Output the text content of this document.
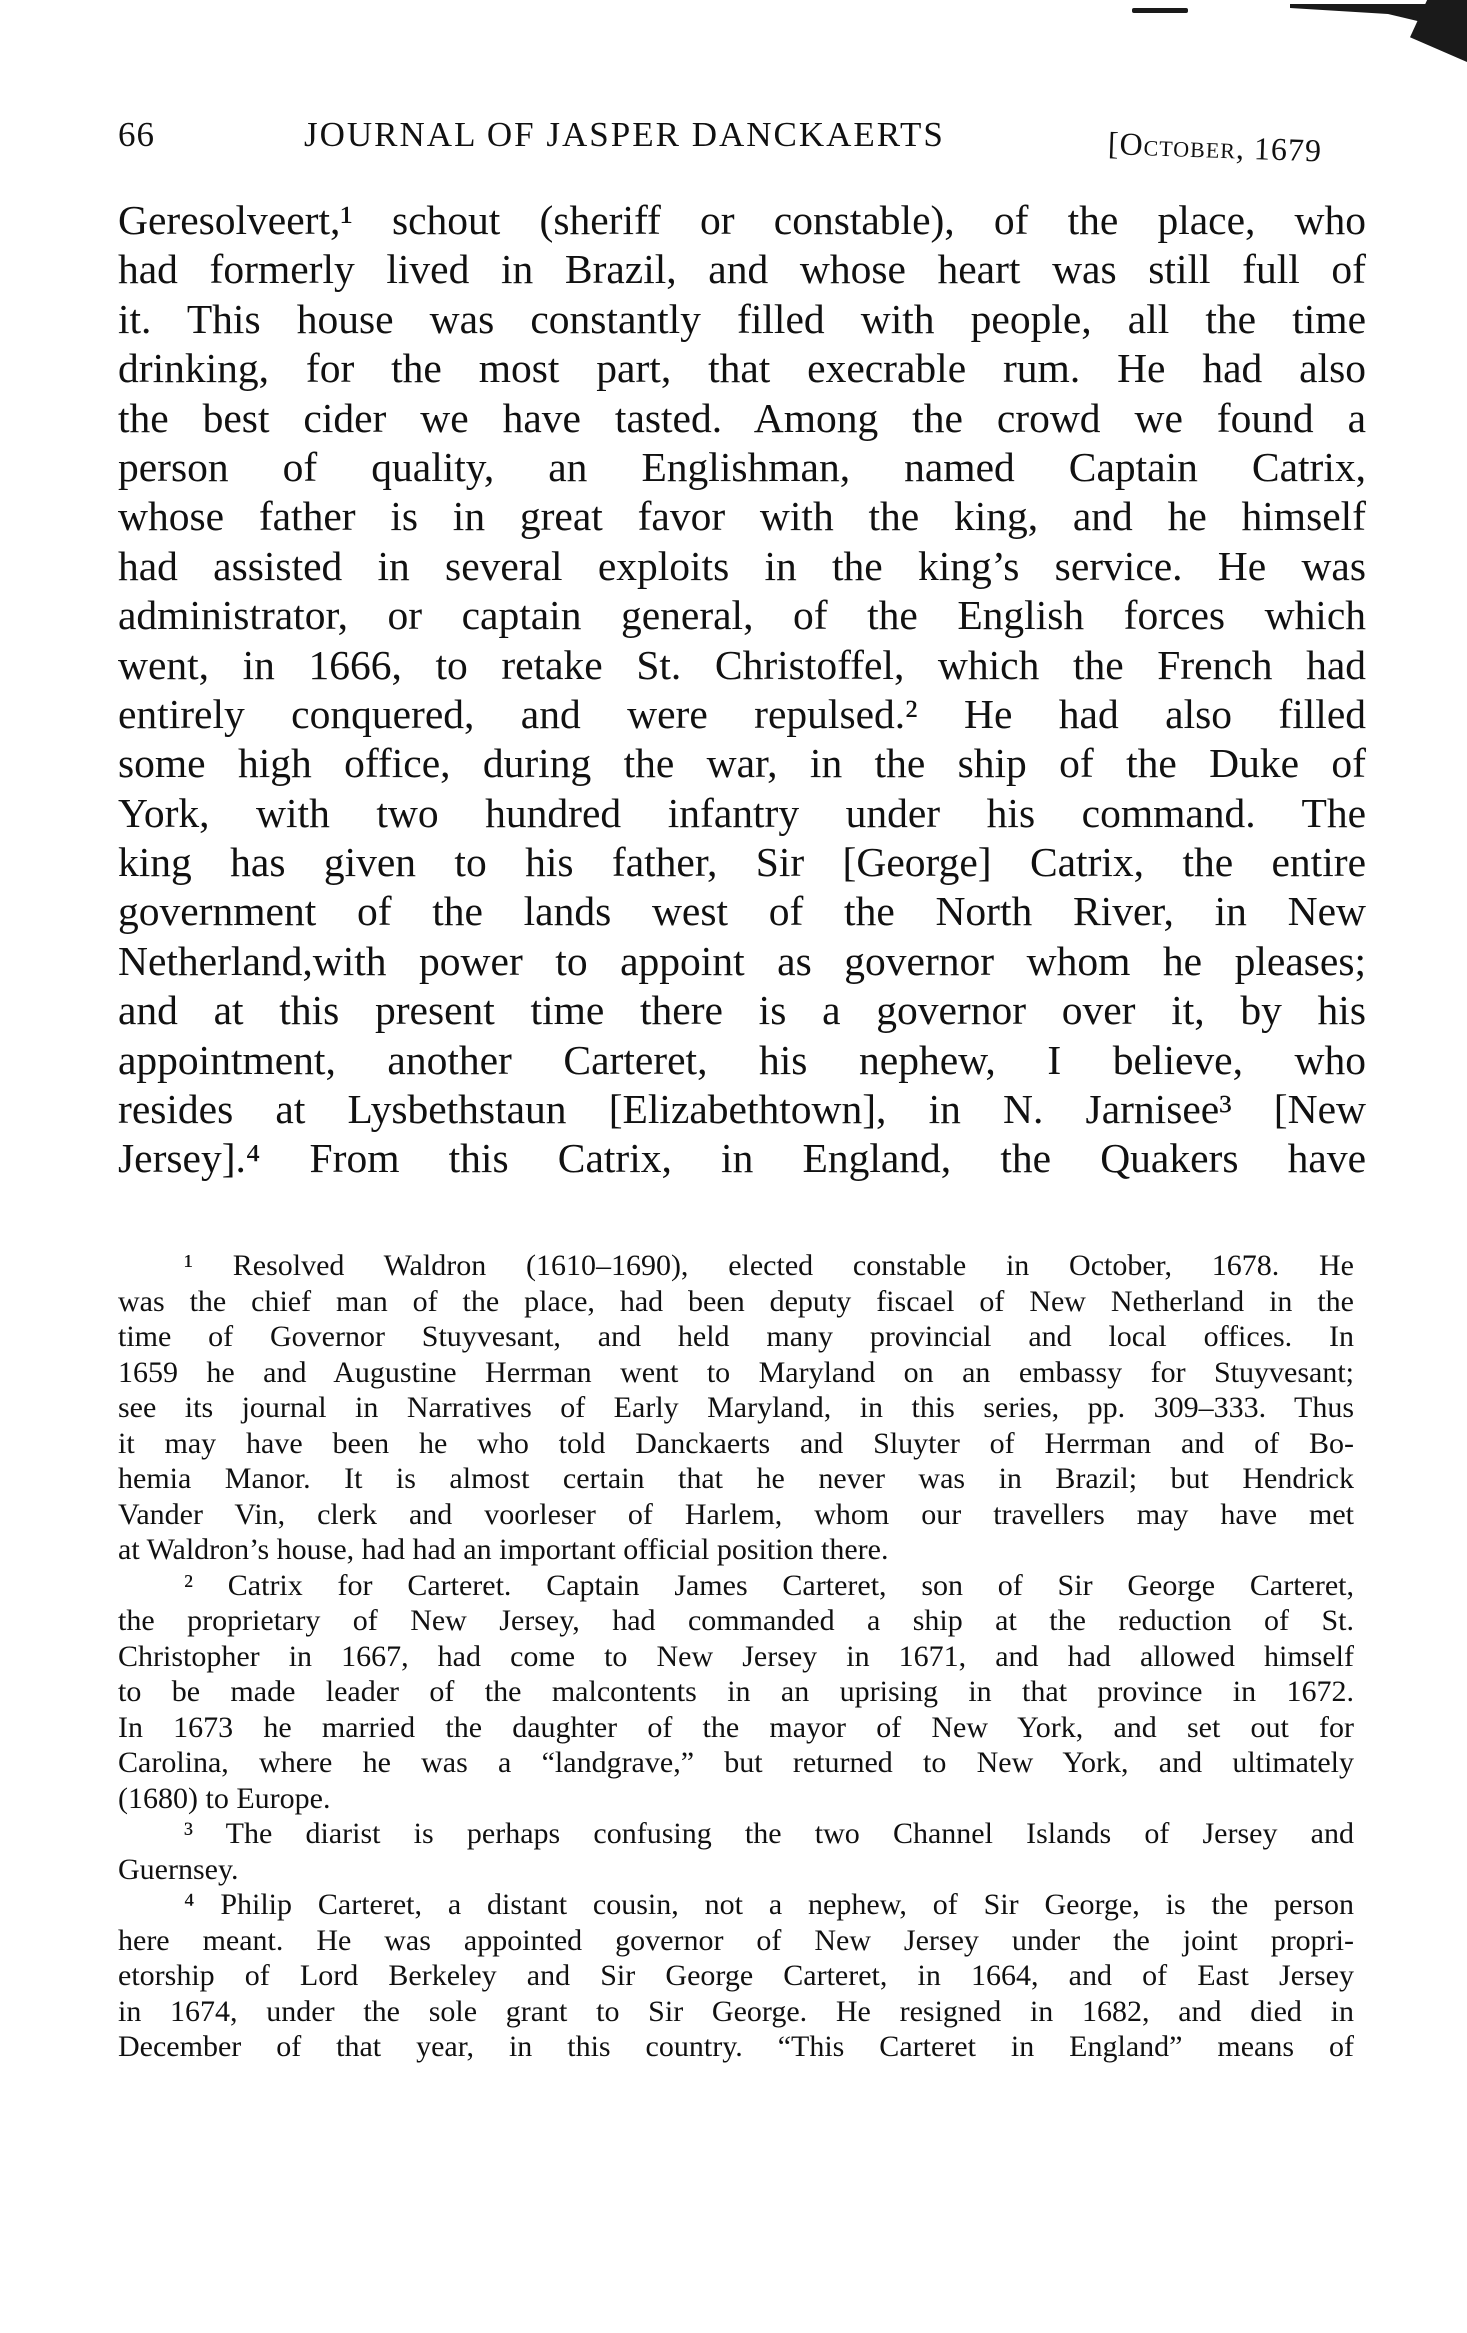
66	JOURNAL OF JASPER DANCKAERTS	[October, 1679
Geresolveert,¹ schout (sheriff or constable), of the place, who
had formerly lived in Brazil, and whose heart was still full of
it. This house was constantly filled with people, all the time
drinking, for the most part, that execrable rum. He had also
the best cider we have tasted. Among the crowd we found a
person of quality, an Englishman, named Captain Catrix,
whose father is in great favor with the king, and he himself
had assisted in several exploits in the king’s service. He was
administrator, or captain general, of the English forces which
went, in 1666, to retake St. Christoffel, which the French had
entirely conquered, and were repulsed.² He had also filled
some high office, during the war, in the ship of the Duke of
York, with two hundred infantry under his command. The
king has given to his father, Sir [George] Catrix, the entire
government of the lands west of the North River, in New
Netherland,with power to appoint as governor whom he pleases;
and at this present time there is a governor over it, by his
appointment, another Carteret, his nephew, I believe, who
resides at Lysbethstaun [Elizabethtown], in N. Jarnisee³ [New
Jersey].⁴ From this Catrix, in England, the Quakers have
¹ Resolved Waldron (1610–1690), elected constable in October, 1678. He
was the chief man of the place, had been deputy fiscael of New Netherland in the
time of Governor Stuyvesant, and held many provincial and local offices. In
1659 he and Augustine Herrman went to Maryland on an embassy for Stuyvesant;
see its journal in Narratives of Early Maryland, in this series, pp. 309–333. Thus
it may have been he who told Danckaerts and Sluyter of Herrman and of Bo-
hemia Manor. It is almost certain that he never was in Brazil; but Hendrick
Vander Vin, clerk and voorleser of Harlem, whom our travellers may have met
at Waldron’s house, had had an important official position there.
² Catrix for Carteret. Captain James Carteret, son of Sir George Carteret,
the proprietary of New Jersey, had commanded a ship at the reduction of St.
Christopher in 1667, had come to New Jersey in 1671, and had allowed himself
to be made leader of the malcontents in an uprising in that province in 1672.
In 1673 he married the daughter of the mayor of New York, and set out for
Carolina, where he was a “landgrave,” but returned to New York, and ultimately
(1680) to Europe.
³ The diarist is perhaps confusing the two Channel Islands of Jersey and
Guernsey.
⁴ Philip Carteret, a distant cousin, not a nephew, of Sir George, is the person
here meant. He was appointed governor of New Jersey under the joint propri-
etorship of Lord Berkeley and Sir George Carteret, in 1664, and of East Jersey
in 1674, under the sole grant to Sir George. He resigned in 1682, and died in
December of that year, in this country. “This Carteret in England” means of
